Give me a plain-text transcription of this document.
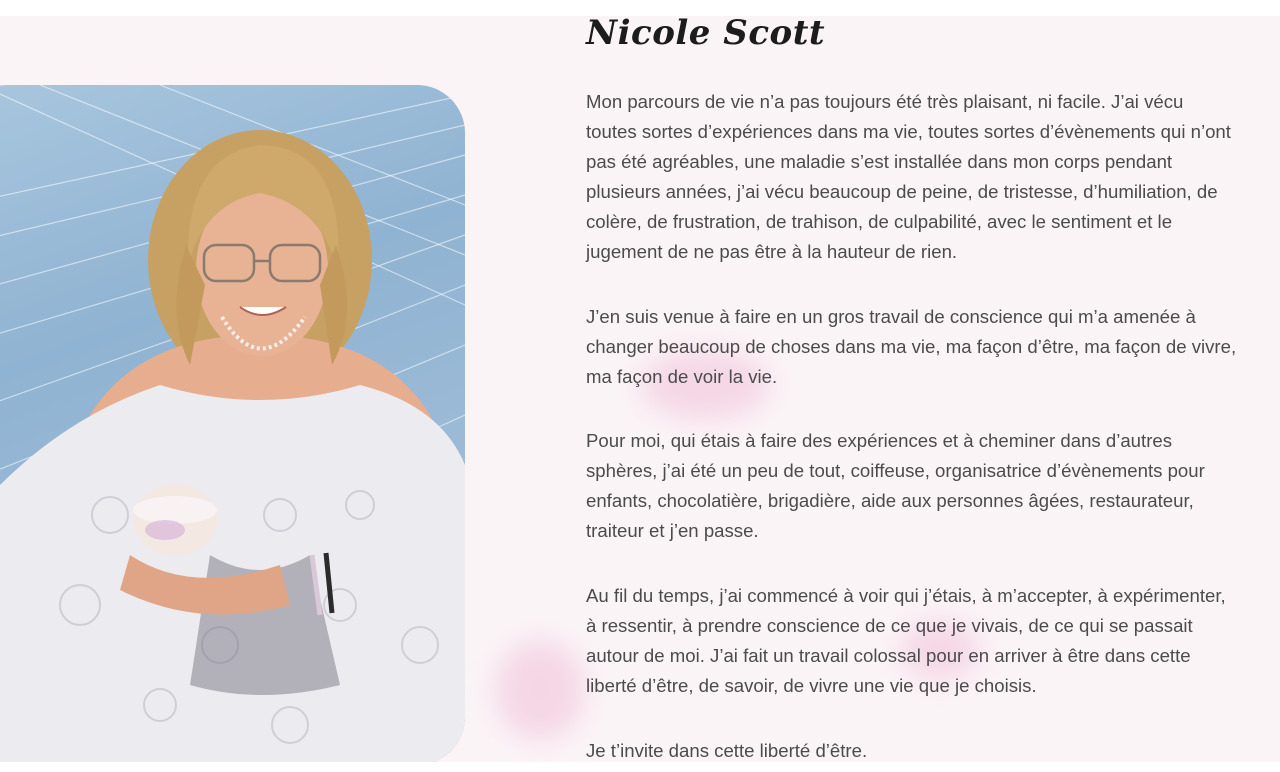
Nicole Scott

Mon parcours de vie n’a pas toujours été très plaisant, ni facile. J’ai vécu
toutes sortes d’expériences dans ma vie, toutes sortes d’évènements qui n’ont
pas été agréables, une maladie s’est installée dans mon corps pendant
plusieurs années, j’ai vécu beaucoup de peine, de tristesse, d’humiliation, de
colère, de frustration, de trahison, de culpabilité, avec le sentiment et le
jugement de ne pas être à la hauteur de rien.

J’en suis venue à faire en un gros travail de conscience qui m’a amenée à
changer beaucoup de choses dans ma vie, ma façon d’être, ma façon de vivre,
ma façon de voir la vie.

Pour moi, qui étais à faire des expériences et à cheminer dans d’autres
sphères, j’ai été un peu de tout, coiffeuse, organisatrice d’évènements pour
enfants, chocolatière, brigadière, aide aux personnes âgées, restaurateur,
traiteur et j’en passe.

Au fil du temps, j’ai commencé à voir qui j’étais, à m’accepter, à expérimenter,
à ressentir, à prendre conscience de ce que je vivais, de ce qui se passait
autour de moi. J’ai fait un travail colossal pour en arriver à être dans cette
liberté d’être, de savoir, de vivre une vie que je choisis.

Je t’invite dans cette liberté d’être.
